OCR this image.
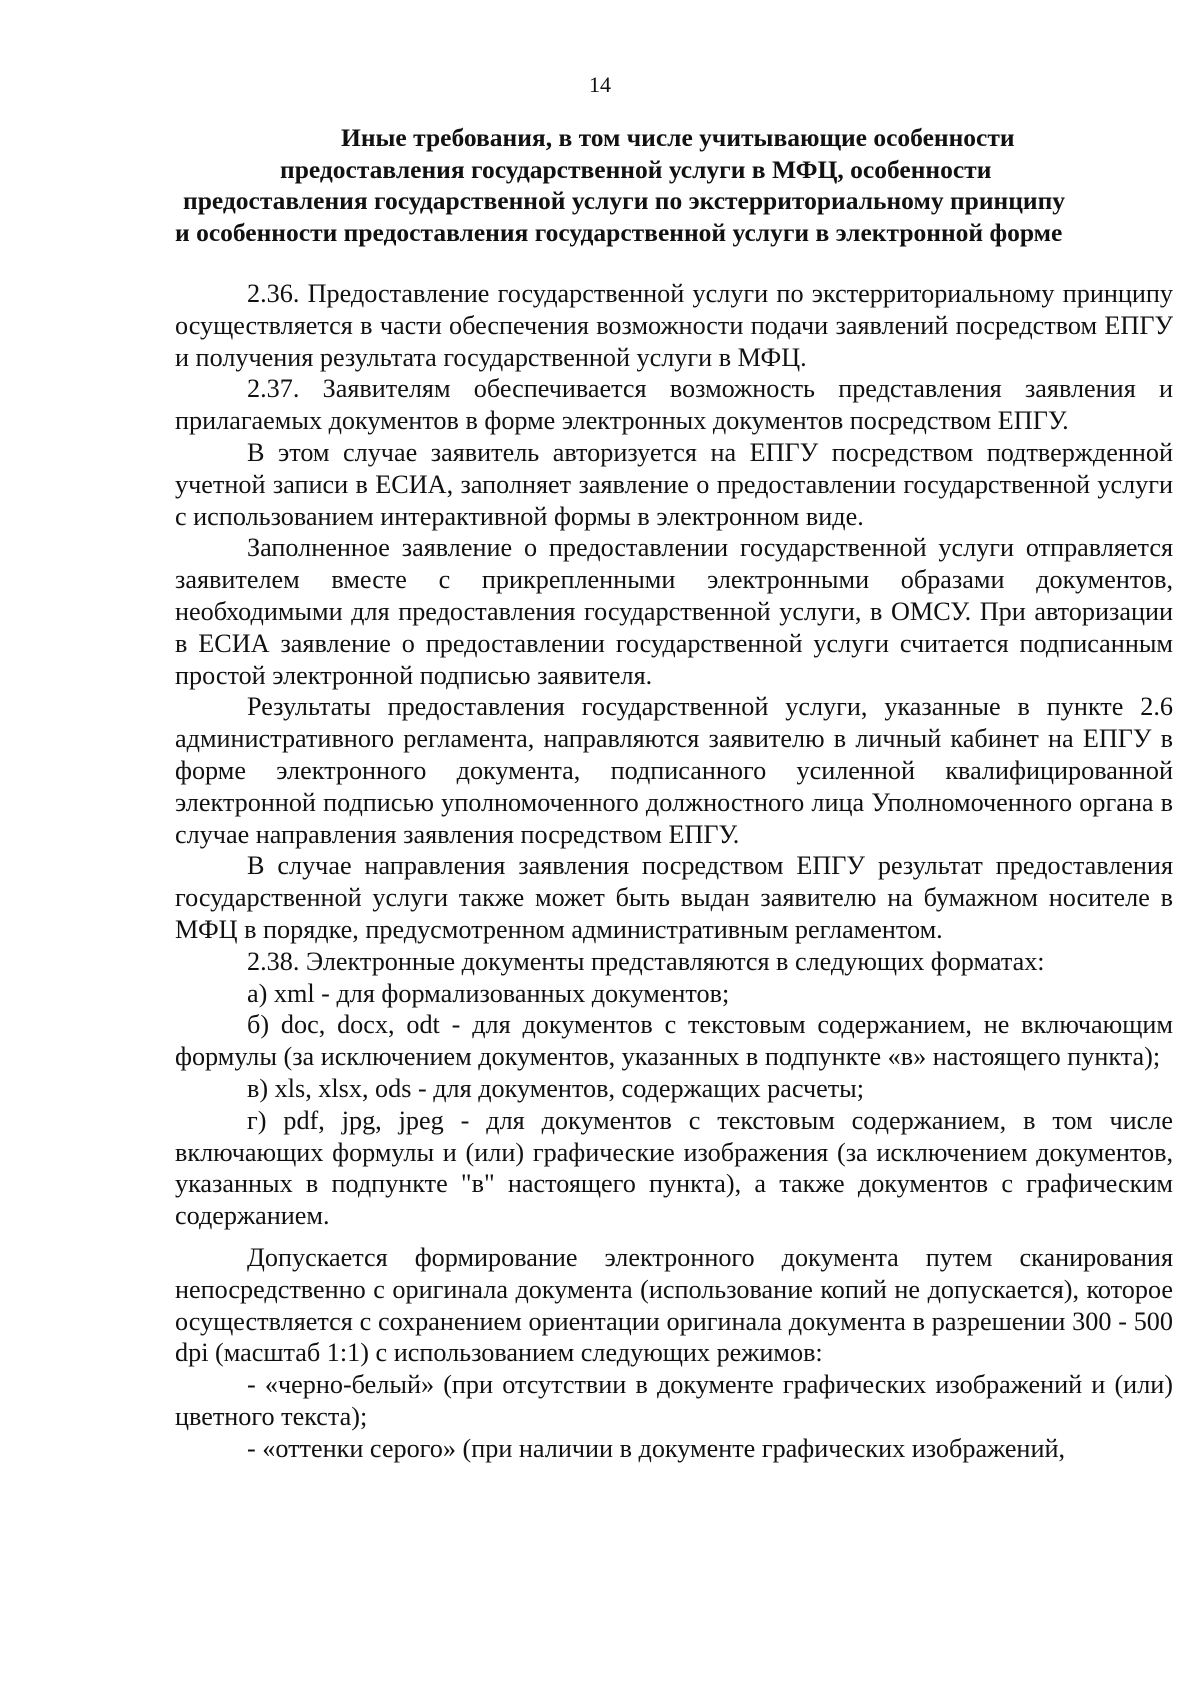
14
Иные требования, в том числе учитывающие особенности
предоставления государственной услуги в МФЦ, особенности
предоставления государственной услуги по экстерриториальному принципу
и особенности предоставления государственной услуги в электронной форме

2.36. Предоставление государственной услуги по экстерриториальному принципу осуществляется в части обеспечения возможности подачи заявлений посредством ЕПГУ и получения результата государственной услуги в МФЦ.

2.37. Заявителям обеспечивается возможность представления заявления и прилагаемых документов в форме электронных документов посредством ЕПГУ.

В этом случае заявитель авторизуется на ЕПГУ посредством подтвержденной учетной записи в ЕСИА, заполняет заявление о предоставлении государственной услуги с использованием интерактивной формы в электронном виде.

Заполненное заявление о предоставлении государственной услуги отправляется заявителем вместе с прикрепленными электронными образами документов, необходимыми для предоставления государственной услуги, в ОМСУ. При авторизации в ЕСИА заявление о предоставлении государственной услуги считается подписанным простой электронной подписью заявителя.

Результаты предоставления государственной услуги, указанные в пункте 2.6 административного регламента, направляются заявителю в личный кабинет на ЕПГУ в форме электронного документа, подписанного усиленной квалифицированной электронной подписью уполномоченного должностного лица Уполномоченного органа в случае направления заявления посредством ЕПГУ.

В случае направления заявления посредством ЕПГУ результат предоставления государственной услуги также может быть выдан заявителю на бумажном носителе в МФЦ в порядке, предусмотренном административным регламентом.

2.38. Электронные документы представляются в следующих форматах:

а) xml - для формализованных документов;

б) doc, docx, odt - для документов с текстовым содержанием, не включающим формулы (за исключением документов, указанных в подпункте «в» настоящего пункта);

в) xls, xlsx, ods - для документов, содержащих расчеты;

г) pdf, jpg, jpeg - для документов с текстовым содержанием, в том числе включающих формулы и (или) графические изображения (за исключением документов, указанных в подпункте "в" настоящего пункта), а также документов с графическим содержанием.

Допускается формирование электронного документа путем сканирования непосредственно с оригинала документа (использование копий не допускается), которое осуществляется с сохранением ориентации оригинала документа в разрешении 300 - 500 dpi (масштаб 1:1) с использованием следующих режимов:

- «черно-белый» (при отсутствии в документе графических изображений и (или) цветного текста);

- «оттенки серого» (при наличии в документе графических изображений,
